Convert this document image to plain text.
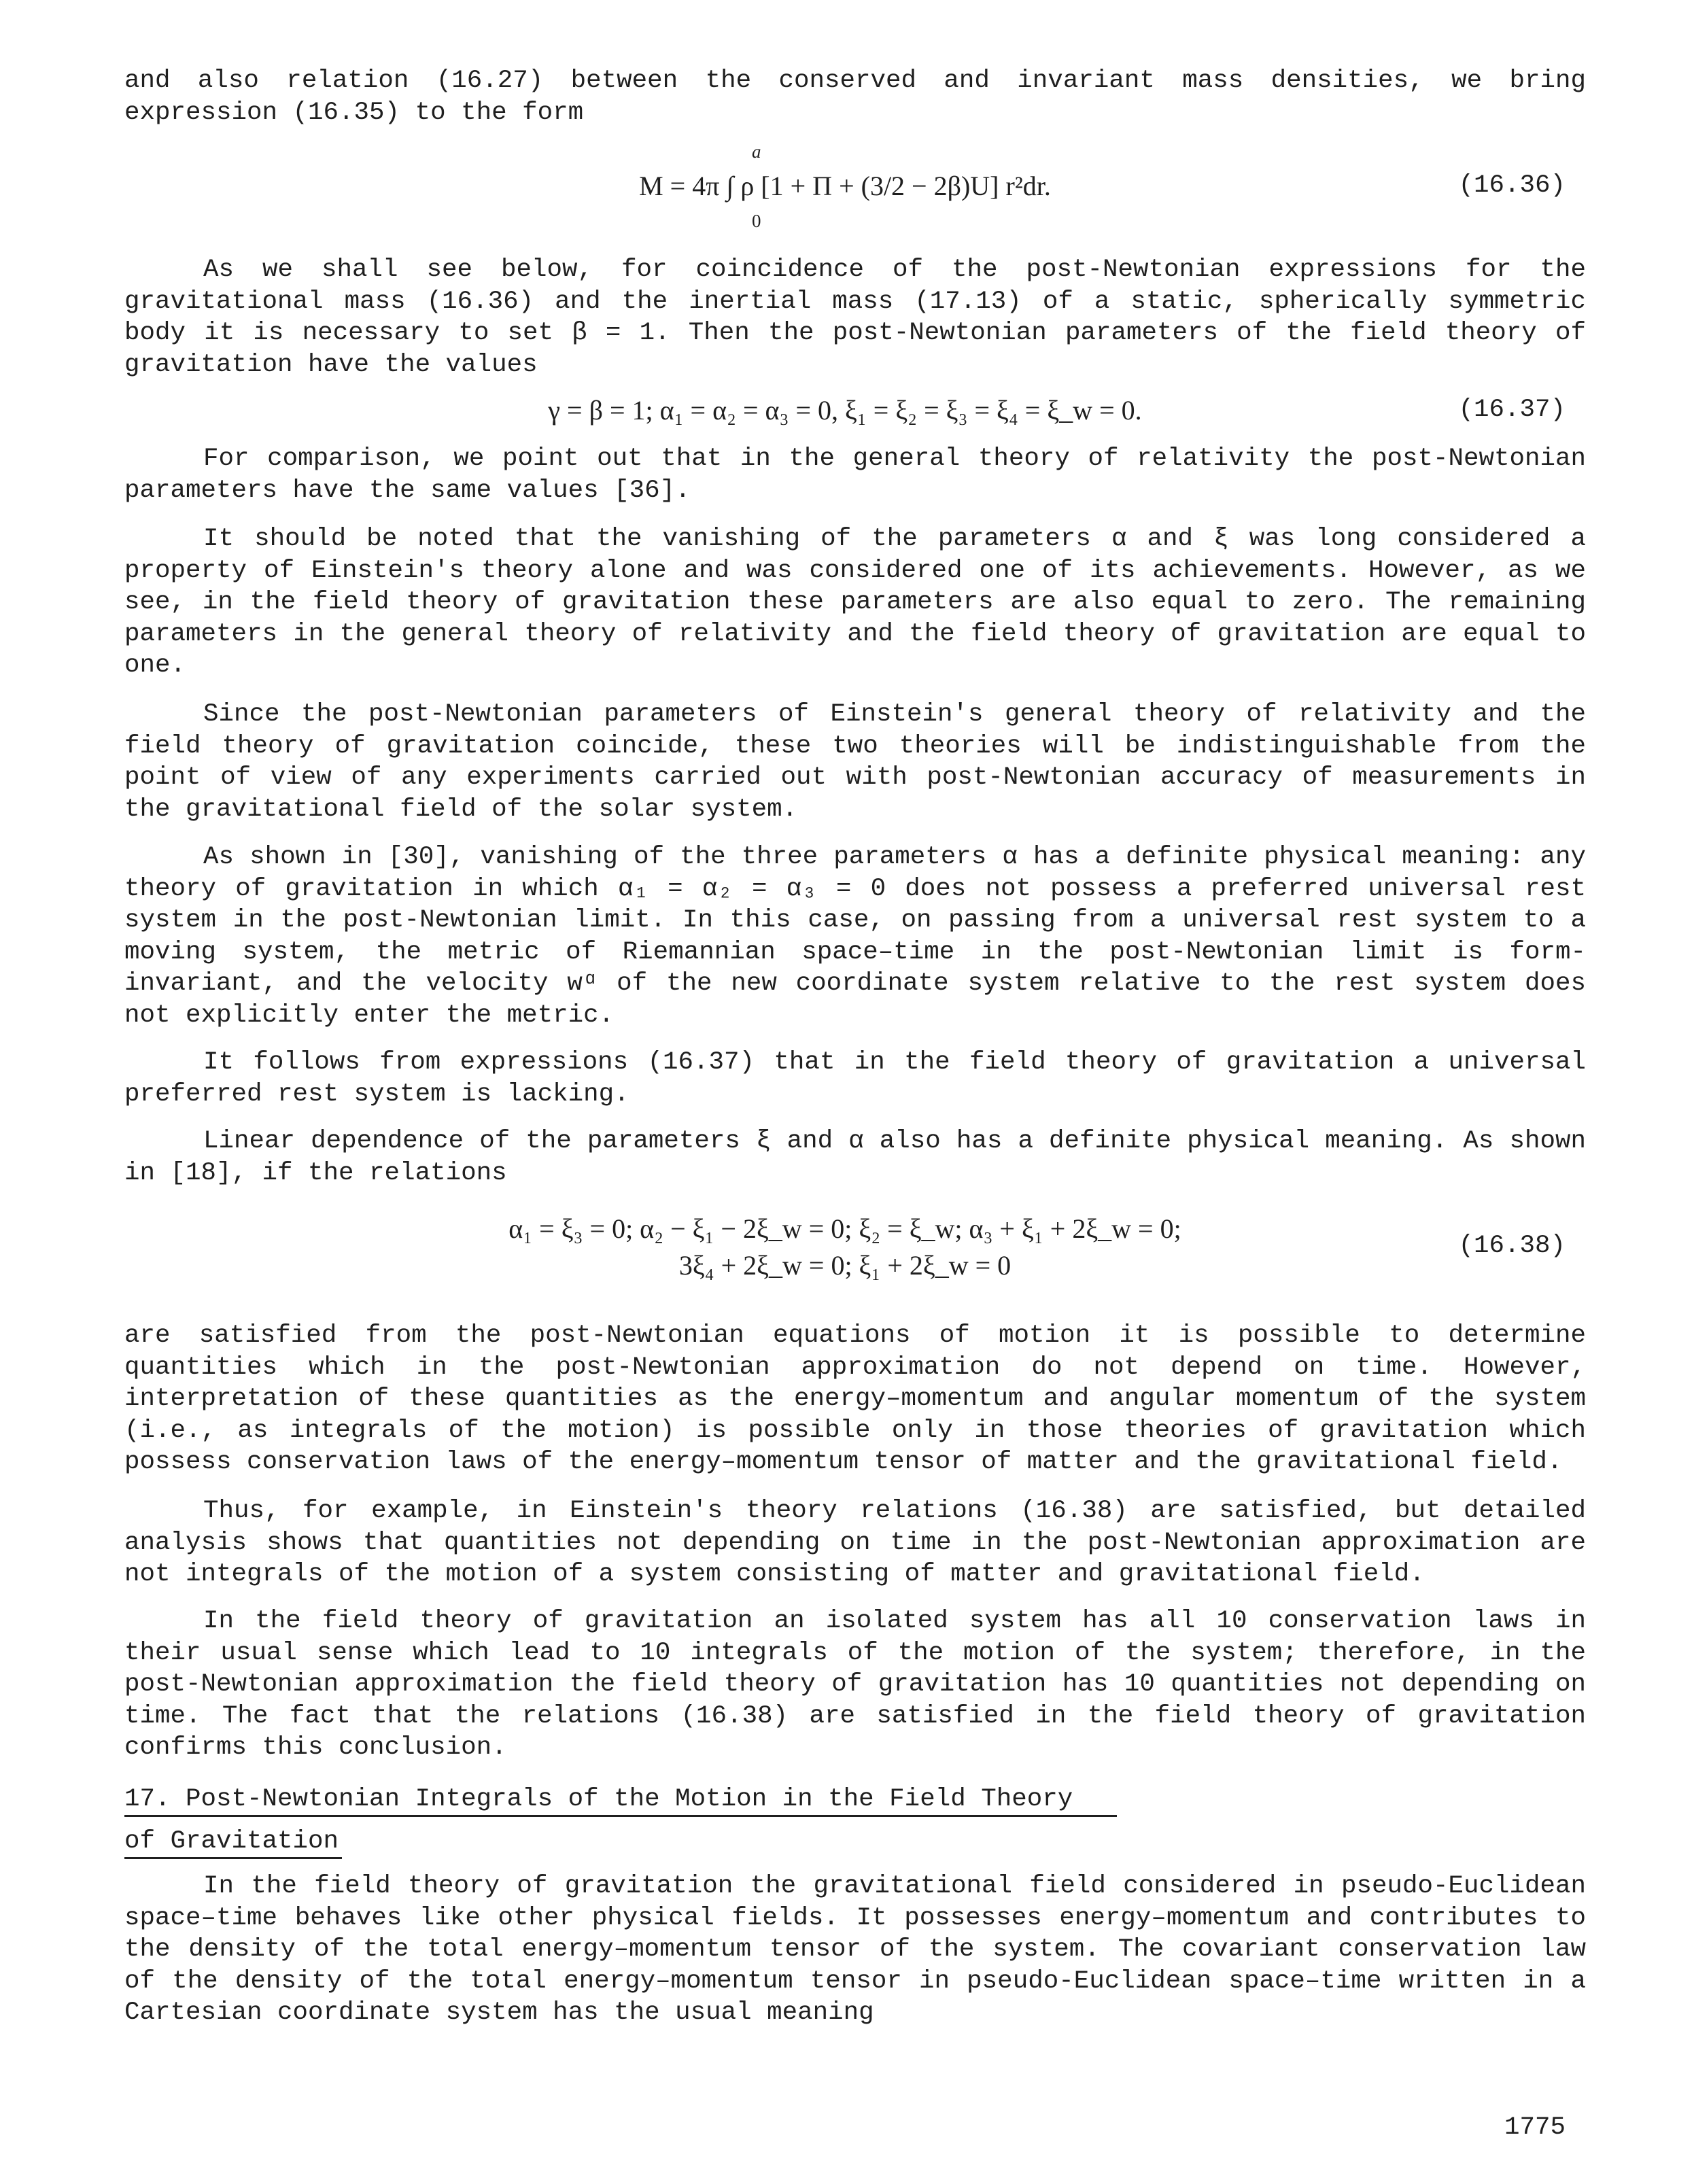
and also relation (16.27) between the conserved and invariant mass densities, we bring expression (16.35) to the form

a
M = 4π ∫ ρ [1 + Π + (3/2 − 2β)U] r²dr.
0
(16.36)

As we shall see below, for coincidence of the post-Newtonian expressions for the gravitational mass (16.36) and the inertial mass (17.13) of a static, spherically symmetric body it is necessary to set β = 1. Then the post-Newtonian parameters of the field theory of gravitation have the values

γ = β = 1; α₁ = α₂ = α₃ = 0, ξ₁ = ξ₂ = ξ₃ = ξ₄ = ξ_w = 0.	(16.37)

For comparison, we point out that in the general theory of relativity the post-Newtonian parameters have the same values [36].

It should be noted that the vanishing of the parameters α and ξ was long considered a property of Einstein's theory alone and was considered one of its achievements. However, as we see, in the field theory of gravitation these parameters are also equal to zero. The remaining parameters in the general theory of relativity and the field theory of gravitation are equal to one.

Since the post-Newtonian parameters of Einstein's general theory of relativity and the field theory of gravitation coincide, these two theories will be indistinguishable from the point of view of any experiments carried out with post-Newtonian accuracy of measurements in the gravitational field of the solar system.

As shown in [30], vanishing of the three parameters α has a definite physical meaning: any theory of gravitation in which α₁ = α₂ = α₃ = 0 does not possess a preferred universal rest system in the post-Newtonian limit. In this case, on passing from a universal rest system to a moving system, the metric of Riemannian space–time in the post-Newtonian limit is form-invariant, and the velocity wᵅ of the new coordinate system relative to the rest system does not explicitly enter the metric.

It follows from expressions (16.37) that in the field theory of gravitation a universal preferred rest system is lacking.

Linear dependence of the parameters ξ and α also has a definite physical meaning. As shown in [18], if the relations

α₁ = ξ₃ = 0; α₂ − ξ₁ − 2ξ_w = 0; ξ₂ = ξ_w; α₃ + ξ₁ + 2ξ_w = 0;
3ξ₄ + 2ξ_w = 0; ξ₁ + 2ξ_w = 0
(16.38)

are satisfied from the post-Newtonian equations of motion it is possible to determine quantities which in the post-Newtonian approximation do not depend on time. However, interpretation of these quantities as the energy–momentum and angular momentum of the system (i.e., as integrals of the motion) is possible only in those theories of gravitation which possess conservation laws of the energy–momentum tensor of matter and the gravitational field.

Thus, for example, in Einstein's theory relations (16.38) are satisfied, but detailed analysis shows that quantities not depending on time in the post-Newtonian approximation are not integrals of the motion of a system consisting of matter and gravitational field.

In the field theory of gravitation an isolated system has all 10 conservation laws in their usual sense which lead to 10 integrals of the motion of the system; therefore, in the post-Newtonian approximation the field theory of gravitation has 10 quantities not depending on time. The fact that the relations (16.38) are satisfied in the field theory of gravitation confirms this conclusion.

17. Post-Newtonian Integrals of the Motion in the Field Theory
of Gravitation

In the field theory of gravitation the gravitational field considered in pseudo-Euclidean space–time behaves like other physical fields. It possesses energy–momentum and contributes to the density of the total energy–momentum tensor of the system. The covariant conservation law of the density of the total energy–momentum tensor in pseudo-Euclidean space–time written in a Cartesian coordinate system has the usual meaning

1775
